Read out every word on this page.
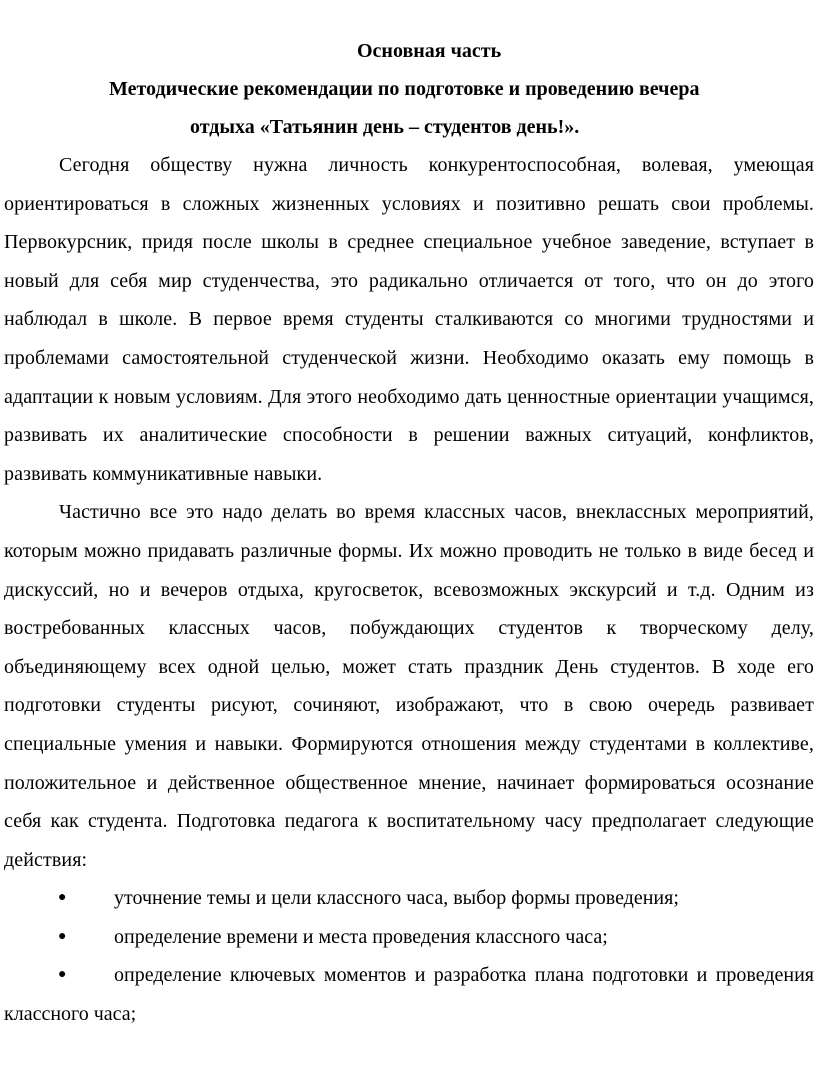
Основная часть

Методические рекомендации по подготовке и проведению вечера

отдыха «Татьянин день – студентов день!».

Сегодня обществу нужна личность конкурентоспособная, волевая, умеющая ориентироваться в сложных жизненных условиях и позитивно решать свои проблемы. Первокурсник, придя после школы в среднее специальное учебное заведение, вступает в новый для себя мир студенчества, это радикально отличается от того, что он до этого наблюдал в школе. В первое время студенты сталкиваются со многими трудностями и проблемами самостоятельной студенческой жизни. Необходимо оказать ему помощь в адаптации к новым условиям. Для этого необходимо дать ценностные ориентации учащимся, развивать их аналитические способности в решении важных ситуаций, конфликтов, развивать коммуникативные навыки.

Частично все это надо делать во время классных часов, внеклассных мероприятий, которым можно придавать различные формы. Их можно проводить не только в виде бесед и дискуссий, но и вечеров отдыха, кругосветок, всевозможных экскурсий и т.д. Одним из востребованных классных часов, побуждающих студентов к творческому делу, объединяющему всех одной целью, может стать праздник День студентов. В ходе его подготовки студенты рисуют, сочиняют, изображают, что в свою очередь развивает специальные умения и навыки. Формируются отношения между студентами в коллективе, положительное и действенное общественное мнение, начинает формироваться осознание себя как студента. Подготовка педагога к воспитательному часу предполагает следующие действия:

● уточнение темы и цели классного часа, выбор формы проведения;
● определение времени и места проведения классного часа;
● определение ключевых моментов и разработка плана подготовки и проведения классного часа;
